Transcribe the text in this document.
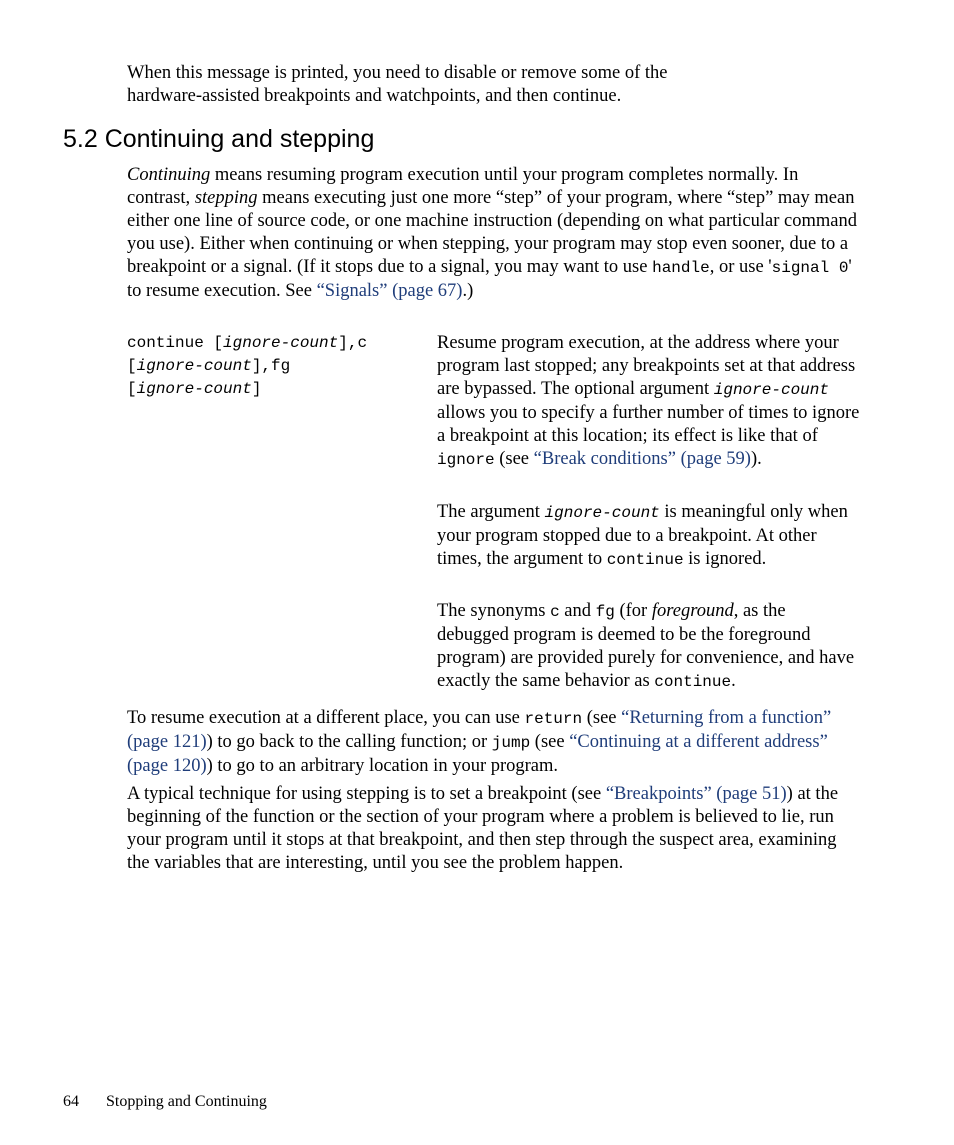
When this message is printed, you need to disable or remove some of the
hardware-assisted breakpoints and watchpoints, and then continue.
5.2 Continuing and stepping
Continuing means resuming program execution until your program completes normally. In contrast, stepping means executing just one more “step” of your program, where “step” may mean either one line of source code, or one machine instruction (depending on what particular command you use). Either when continuing or when stepping, your program may stop even sooner, due to a breakpoint or a signal. (If it stops due to a signal, you may want to use handle, or use 'signal 0' to resume execution. See “Signals” (page 67).)
continue [ignore-count],c
[ignore-count],fg
[ignore-count]
Resume program execution, at the address where your program last stopped; any breakpoints set at that address are bypassed. The optional argument ignore-count allows you to specify a further number of times to ignore a breakpoint at this location; its effect is like that of ignore (see “Break conditions” (page 59)).
The argument ignore-count is meaningful only when your program stopped due to a breakpoint. At other times, the argument to continue is ignored.
The synonyms c and fg (for foreground, as the debugged program is deemed to be the foreground program) are provided purely for convenience, and have exactly the same behavior as continue.
To resume execution at a different place, you can use return (see “Returning from a function” (page 121)) to go back to the calling function; or jump (see “Continuing at a different address” (page 120)) to go to an arbitrary location in your program.
A typical technique for using stepping is to set a breakpoint (see “Breakpoints” (page 51)) at the beginning of the function or the section of your program where a problem is believed to lie, run your program until it stops at that breakpoint, and then step through the suspect area, examining the variables that are interesting, until you see the problem happen.
64 Stopping and Continuing
